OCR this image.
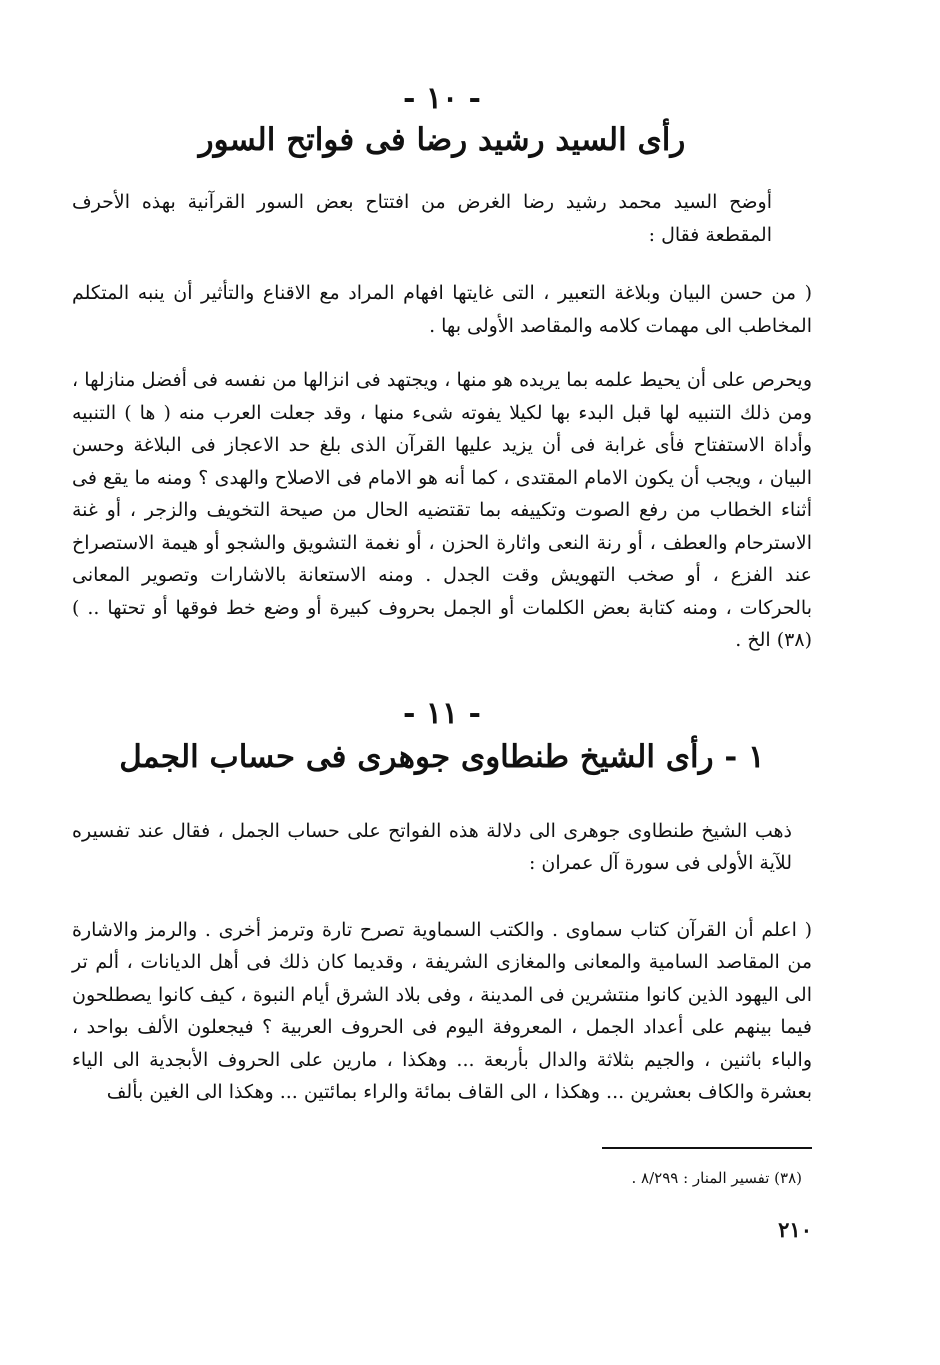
- ١٠ -
رأى السيد رشيد رضا فى فواتح السور

أوضح السيد محمد رشيد رضا الغرض من افتتاح بعض السور القرآنية بهذه الأحرف المقطعة فقال :

( من حسن البيان وبلاغة التعبير ، التى غايتها افهام المراد مع الاقناع والتأثير أن ينبه المتكلم المخاطب الى مهمات كلامه والمقاصد الأولى بها .

ويحرص على أن يحيط علمه بما يريده هو منها ، ويجتهد فى انزالها من نفسه فى أفضل منازلها ، ومن ذلك التنبيه لها قبل البدء بها لكيلا يفوته شىء منها ، وقد جعلت العرب منه ( ها ) التنبيه وأداة الاستفتاح فأى غرابة فى أن يزيد عليها القرآن الذى بلغ حد الاعجاز فى البلاغة وحسن البيان ، ويجب أن يكون الامام المقتدى ، كما أنه هو الامام فى الاصلاح والهدى ؟ ومنه ما يقع فى أثناء الخطاب من رفع الصوت وتكييفه بما تقتضيه الحال من صيحة التخويف والزجر ، أو غنة الاسترحام والعطف ، أو رنة النعى واثارة الحزن ، أو نغمة التشويق والشجو أو هيمة الاستصراخ عند الفزع ، أو صخب التهويش وقت الجدل . ومنه الاستعانة بالاشارات وتصوير المعانى بالحركات ، ومنه كتابة بعض الكلمات أو الجمل بحروف كبيرة أو وضع خط فوقها أو تحتها .. ) (٣٨) الخ .

- ١١ -
١ - رأى الشيخ طنطاوى جوهرى فى حساب الجمل

ذهب الشيخ طنطاوى جوهرى الى دلالة هذه الفواتح على حساب الجمل ، فقال عند تفسيره للآية الأولى فى سورة آل عمران :

( اعلم أن القرآن كتاب سماوى . والكتب السماوية تصرح تارة وترمز أخرى . والرمز والاشارة من المقاصد السامية والمعانى والمغازى الشريفة ، وقديما كان ذلك فى أهل الديانات ، ألم تر الى اليهود الذين كانوا منتشرين فى المدينة ، وفى بلاد الشرق أيام النبوة ، كيف كانوا يصطلحون فيما بينهم على أعداد الجمل ، المعروفة اليوم فى الحروف العربية ؟ فيجعلون الألف بواحد ، والباء باثنين ، والجيم بثلاثة والدال بأربعة ... وهكذا ، مارين على الحروف الأبجدية الى الياء بعشرة والكاف بعشرين ... وهكذا ، الى القاف بمائة والراء بمائتين ... وهكذا الى الغين بألف

(٣٨) تفسير المنار : ٨/٢٩٩ .
٢١٠
